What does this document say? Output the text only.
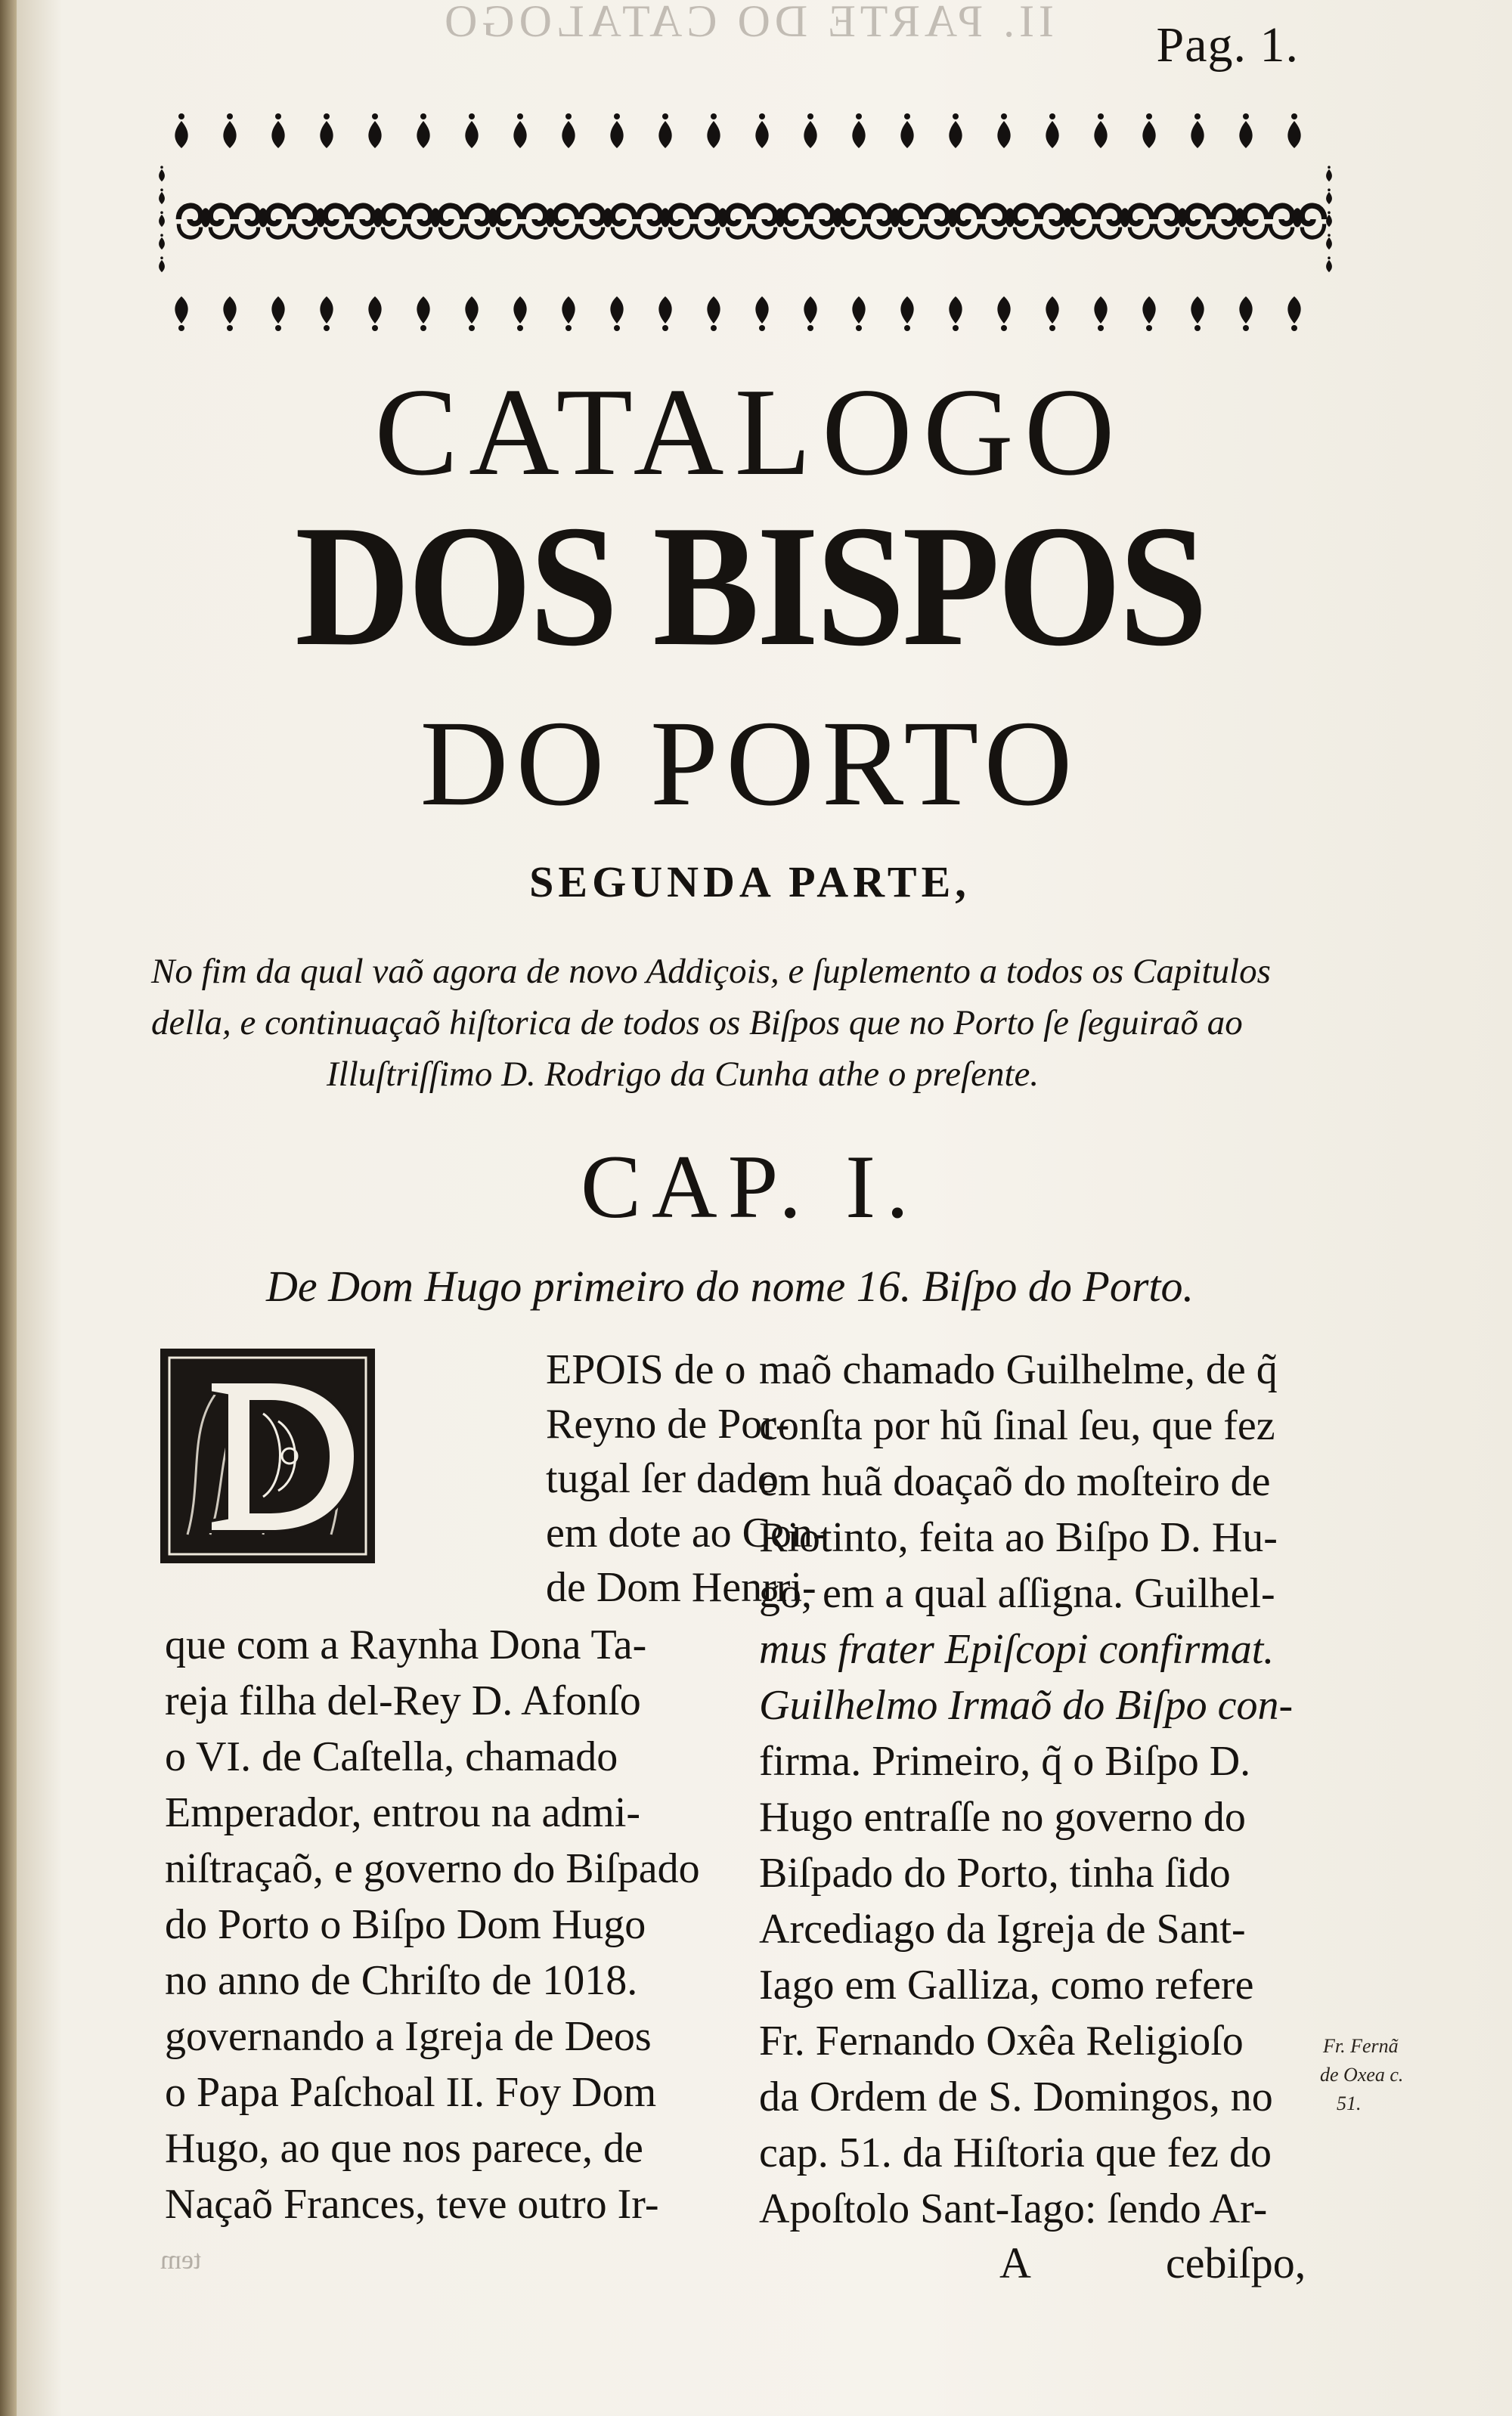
II. PARTE DO CATALOGO Pag. 1.
CATALOGO
DOS BISPOS
DO PORTO
SEGUNDA PARTE,
No fim da qual vaõ agora de novo Addiçois, e ſuplemento a todos os Capitulos
della, e continuaçaõ hiſtorica de todos os Biſpos que no Porto ſe ſeguiraõ ao
Illuſtriſſimo D. Rodrigo da Cunha athe o preſente.
CAP. I.
De Dom Hugo primeiro do nome 16. Biſpo do Porto.
EPOIS de o
Reyno de Por-
tugal ſer dado
em dote ao Con-
de Dom Henrri-
que com a Raynha Dona Ta-
reja filha del-Rey D. Afonſo
o VI. de Caſtella, chamado
Emperador, entrou na admi-
niſtraçaõ, e governo do Biſpado
do Porto o Biſpo Dom Hugo
no anno de Chriſto de 1018.
governando a Igreja de Deos
o Papa Paſchoal II. Foy Dom
Hugo, ao que nos parece, de
Naçaõ Frances, teve outro Ir-
maõ chamado Guilhelme, de q̃
conſta por hũ ſinal ſeu, que fez
em huã doaçaõ do moſteiro de
Riotinto, feita ao Biſpo D. Hu-
go, em a qual aſſigna. Guilhel-
mus frater Epiſcopi confirmat.
Guilhelmo Irmaõ do Biſpo con-
firma. Primeiro, q̃ o Biſpo D.
Hugo entraſſe no governo do
Biſpado do Porto, tinha ſido
Arcediago da Igreja de Sant-
Iago em Galliza, como refere
Fr. Fernando Oxêa Religioſo
da Ordem de S. Domingos, no
cap. 51. da Hiſtoria que fez do
Apoſtolo Sant-Iago: ſendo Ar-
Fr. Fernã
de Oxea c.
51.
tem	A	cebiſpo,
